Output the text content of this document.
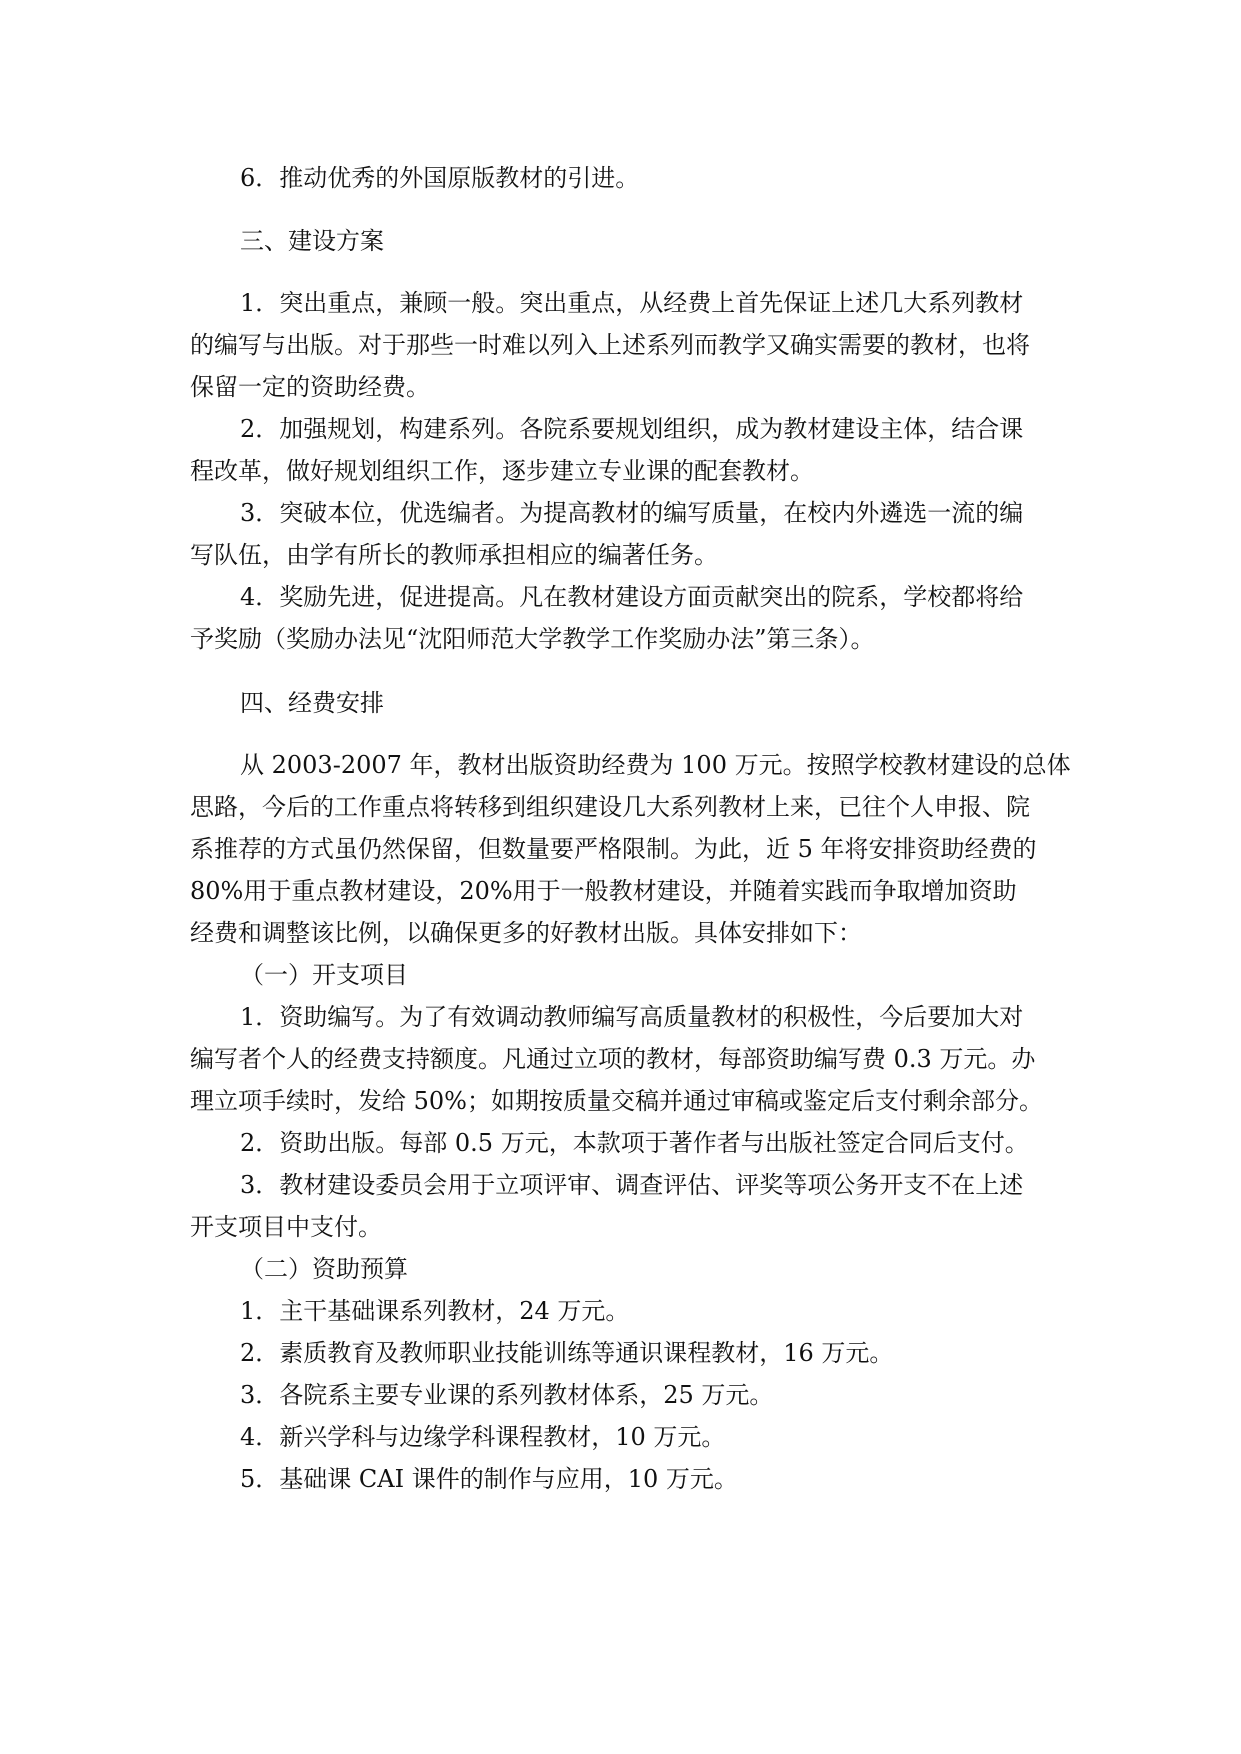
6．推动优秀的外国原版教材的引进。
三、建设方案
1．突出重点，兼顾一般。突出重点，从经费上首先保证上述几大系列教材
的编写与出版。对于那些一时难以列入上述系列而教学又确实需要的教材，也将
保留一定的资助经费。
2．加强规划，构建系列。各院系要规划组织，成为教材建设主体，结合课
程改革，做好规划组织工作，逐步建立专业课的配套教材。
3．突破本位，优选编者。为提高教材的编写质量，在校内外遴选一流的编
写队伍，由学有所长的教师承担相应的编著任务。
4．奖励先进，促进提高。凡在教材建设方面贡献突出的院系，学校都将给
予奖励（奖励办法见“沈阳师范大学教学工作奖励办法”第三条）。
四、经费安排
从 2003-2007 年，教材出版资助经费为 100 万元。按照学校教材建设的总体
思路，今后的工作重点将转移到组织建设几大系列教材上来，已往个人申报、院
系推荐的方式虽仍然保留，但数量要严格限制。为此，近 5 年将安排资助经费的
80%用于重点教材建设，20%用于一般教材建设，并随着实践而争取增加资助
经费和调整该比例，以确保更多的好教材出版。具体安排如下：
（一）开支项目
1．资助编写。为了有效调动教师编写高质量教材的积极性，今后要加大对
编写者个人的经费支持额度。凡通过立项的教材，每部资助编写费 0.3 万元。办
理立项手续时，发给 50%；如期按质量交稿并通过审稿或鉴定后支付剩余部分。
2．资助出版。每部 0.5 万元，本款项于著作者与出版社签定合同后支付。
3．教材建设委员会用于立项评审、调查评估、评奖等项公务开支不在上述
开支项目中支付。
（二）资助预算
1．主干基础课系列教材，24 万元。
2．素质教育及教师职业技能训练等通识课程教材，16 万元。
3．各院系主要专业课的系列教材体系，25 万元。
4．新兴学科与边缘学科课程教材，10 万元。
5．基础课 CAI 课件的制作与应用，10 万元。
